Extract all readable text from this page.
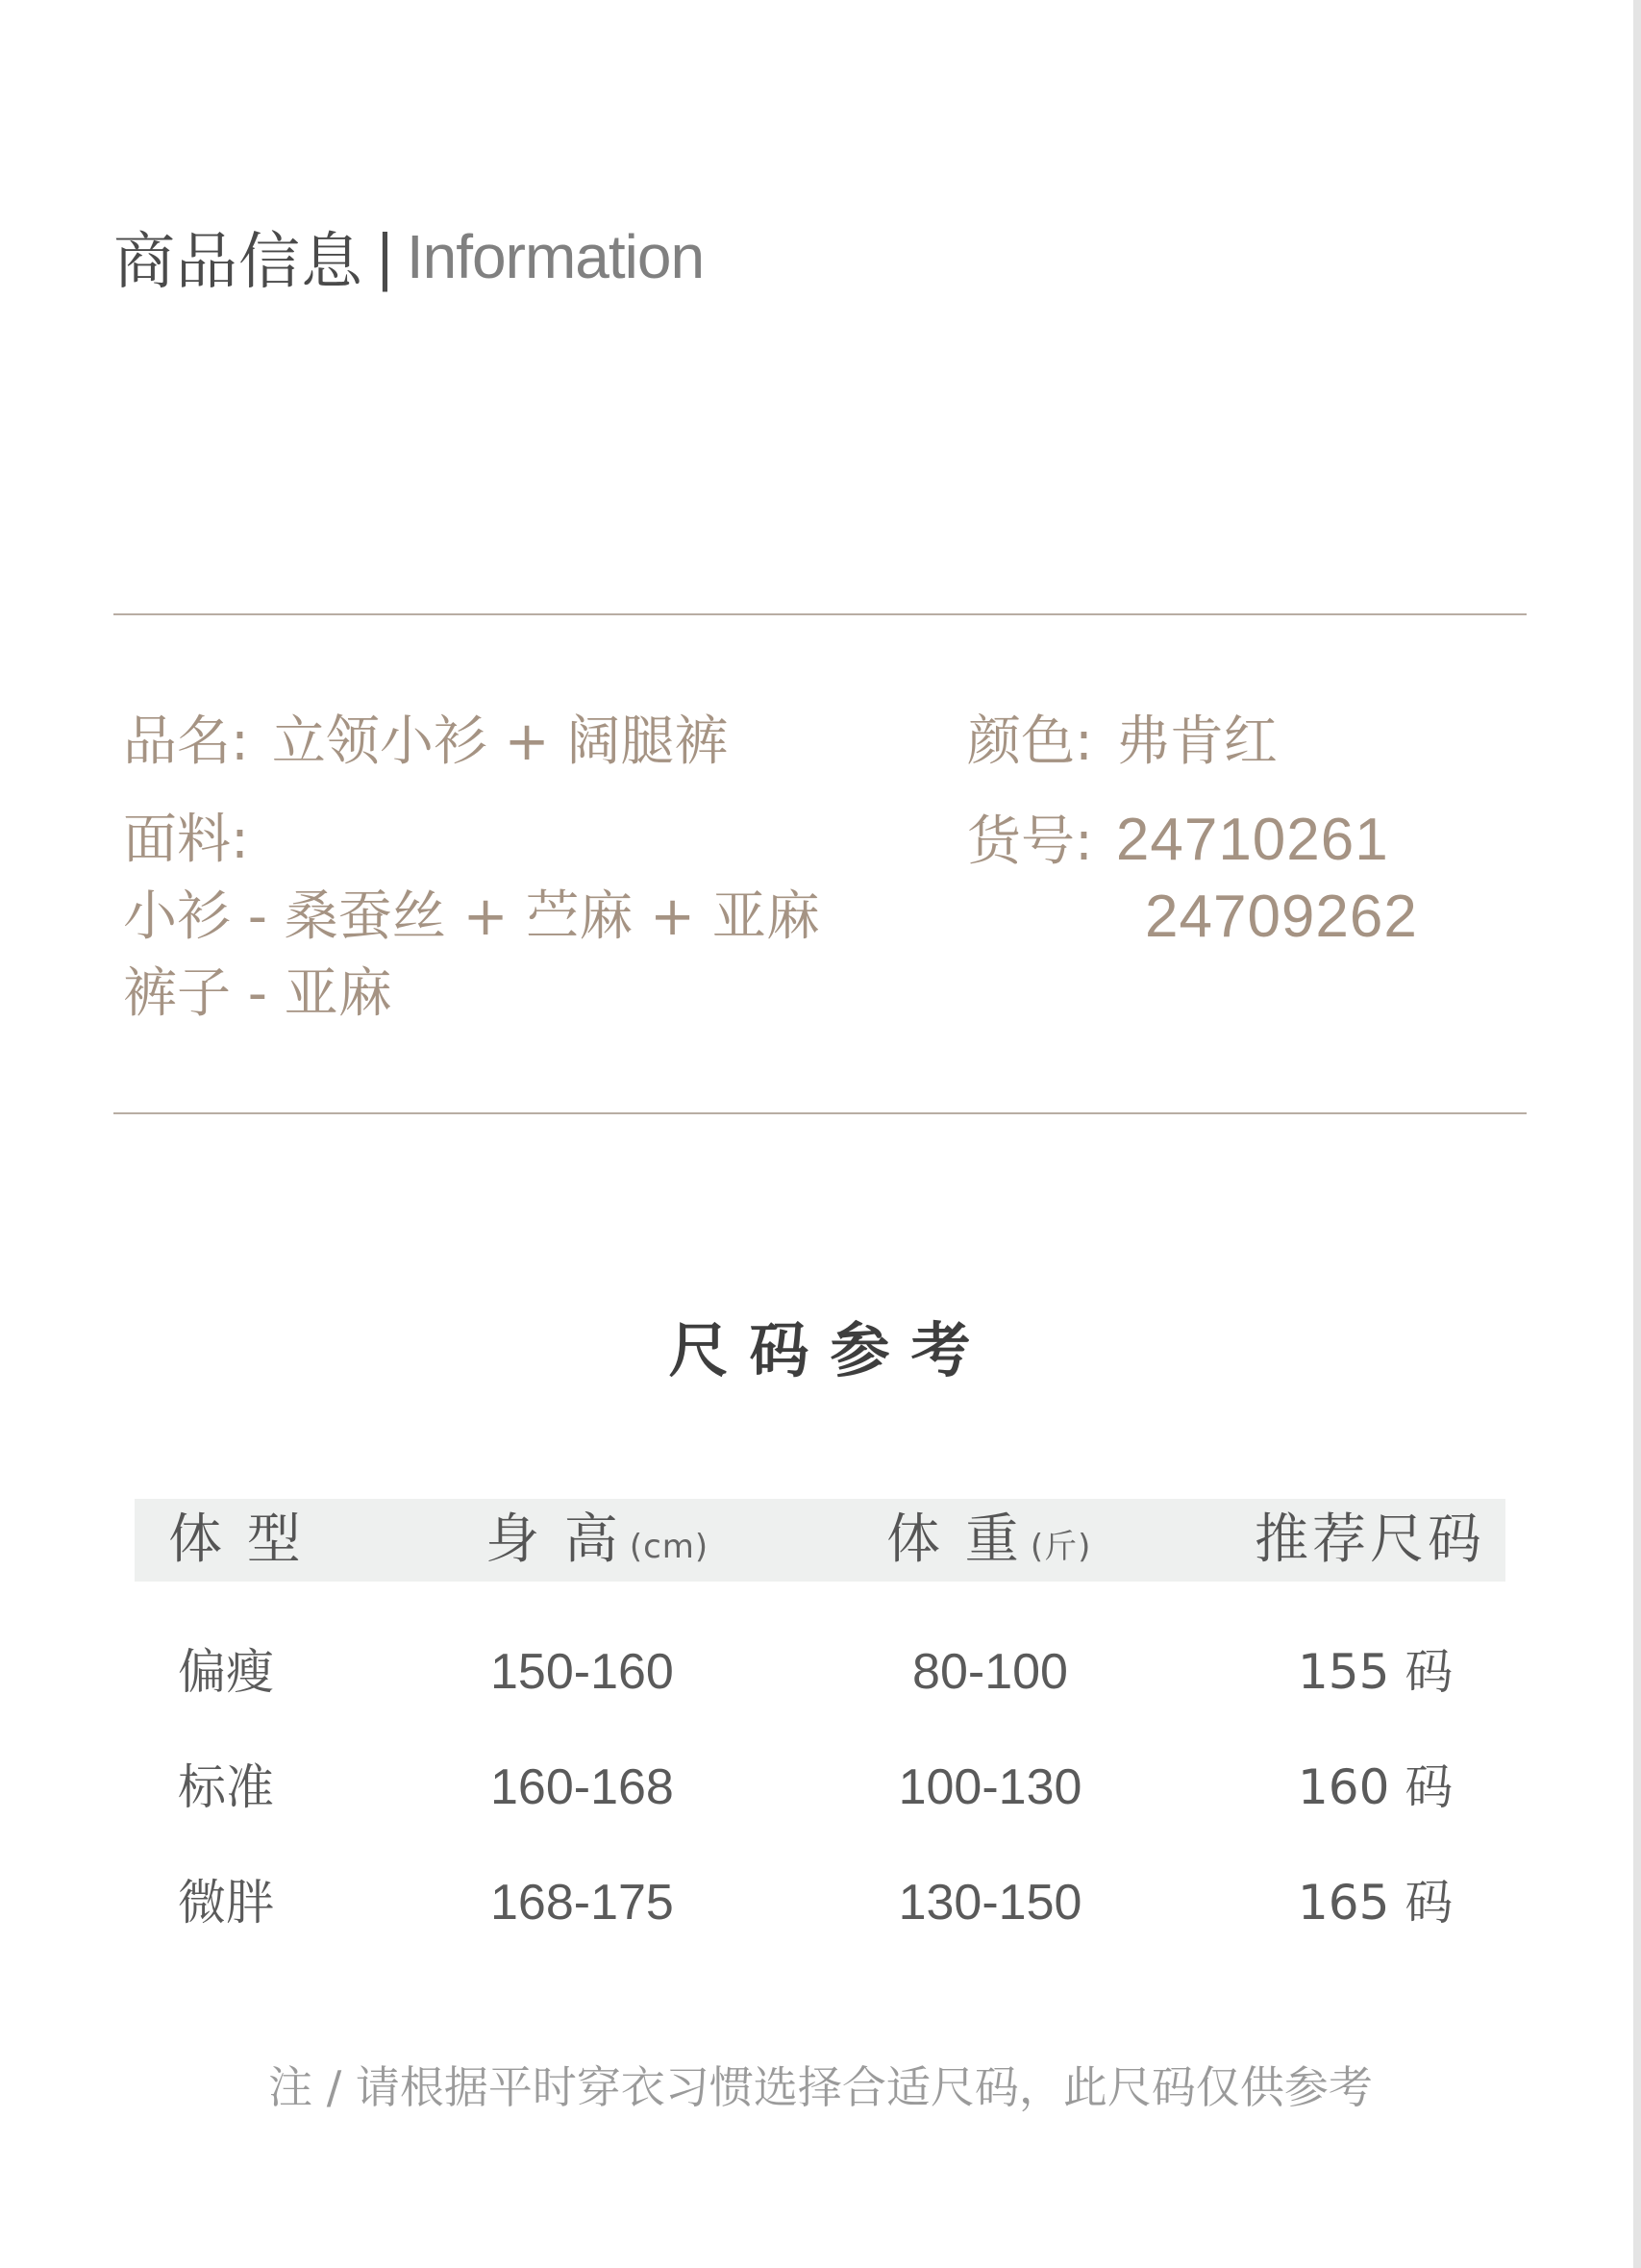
商品信息 | Information
品名: 立领小衫 + 阔腿裤
面料:
小衫 - 桑蚕丝 + 苎麻 + 亚麻
裤子 - 亚麻
颜色: 弗肯红
货号: 24710261
24709262
尺码参考
体 型	身 高 (cm)	体 重 (斤)	推荐尺码
偏瘦	150-160	80-100	155 码
标准	160-168	100-130	160 码
微胖	168-175	130-150	165 码
注 / 请根据平时穿衣习惯选择合适尺码，此尺码仅供参考
